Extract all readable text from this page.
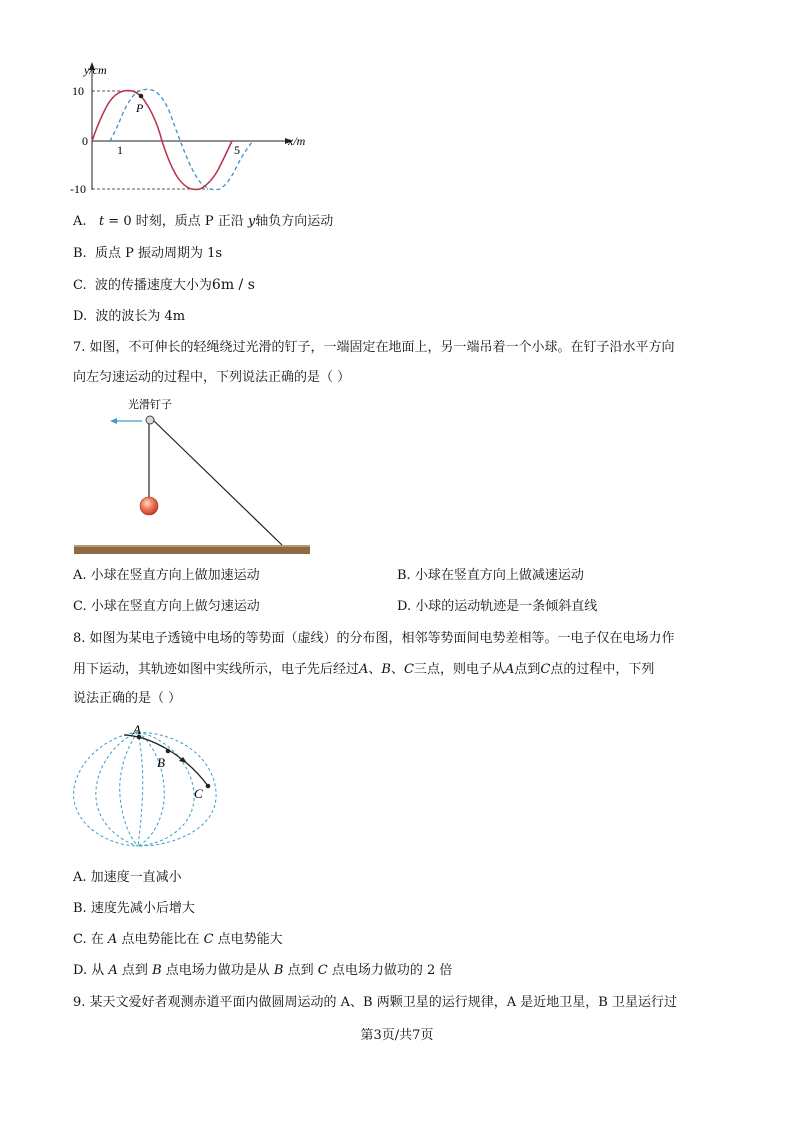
y/cm
10
0
-10
1	5
x/m
P
A. t = 0 时刻，质点 P 正沿 y轴负方向运动
B. 质点 P 振动周期为 1s
C. 波的传播速度大小为6m / s
D. 波的波长为 4m
7. 如图，不可伸长的轻绳绕过光滑的钉子，一端固定在地面上，另一端吊着一个小球。在钉子沿水平方向
向左匀速运动的过程中，下列说法正确的是（ ）
光滑钉子
A. 小球在竖直方向上做加速运动	B. 小球在竖直方向上做减速运动
C. 小球在竖直方向上做匀速运动	D. 小球的运动轨迹是一条倾斜直线
8. 如图为某电子透镜中电场的等势面（虚线）的分布图，相邻等势面间电势差相等。一电子仅在电场力作
用下运动，其轨迹如图中实线所示，电子先后经过A、B、C三点，则电子从A点到C点的过程中，下列
说法正确的是（ ）
A
B
C
A. 加速度一直减小
B. 速度先减小后增大
C. 在 A 点电势能比在 C 点电势能大
D. 从 A 点到 B 点电场力做功是从 B 点到 C 点电场力做功的 2 倍
9. 某天文爱好者观测赤道平面内做圆周运动的 A、B 两颗卫星的运行规律，A 是近地卫星，B 卫星运行过
第3页/共7页
